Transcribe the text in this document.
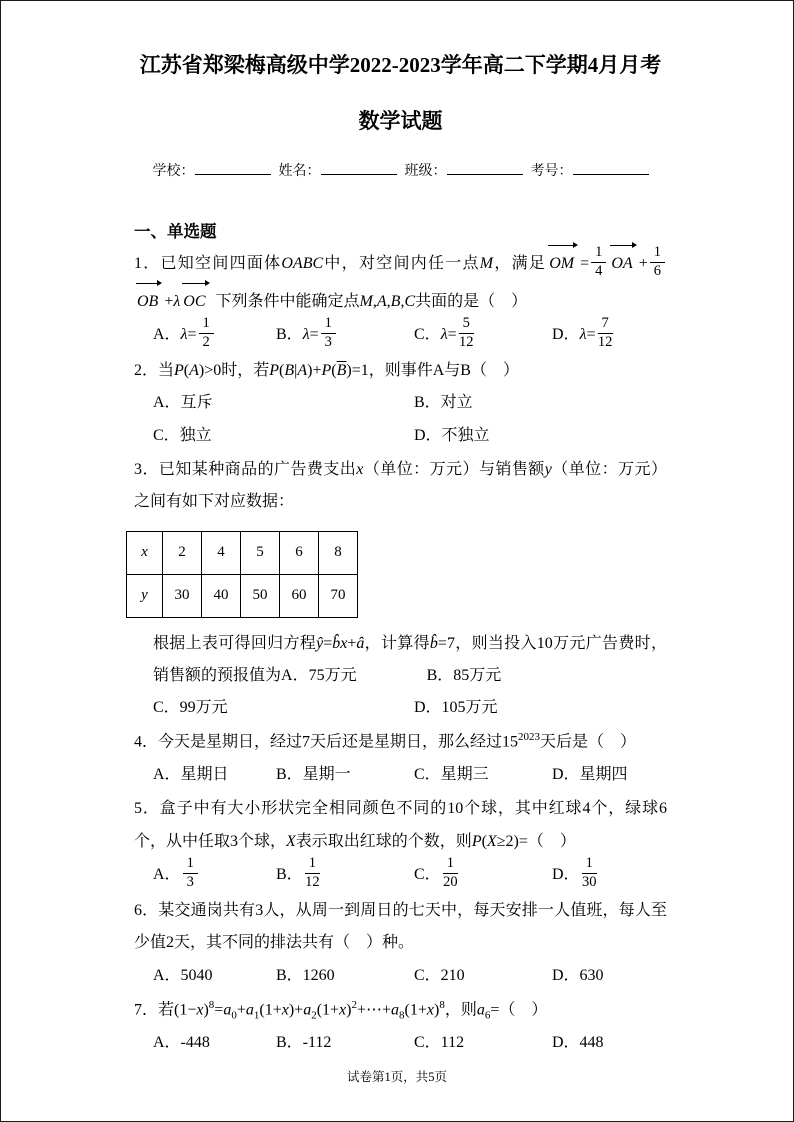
江苏省郑梁梅高级中学2022-2023学年高二下学期4月月考
数学试题
学校：	姓名：	班级：	考号：
一、单选题

1．已知空间四面体OABC中，对空间内任一点M，满足 OM = $\frac{1}{4}$ OA + $\frac{1}{6}$
OB +λ OC 下列条件中能确定点M,A,B,C共面的是（　）

A．$\lambda= \frac{1}{2}$	B．$\lambda= \frac{1}{3}$	C．$\lambda= \frac{5}{12}$	D．$\lambda= \frac{7}{12}$

2．当P(A)>0时，若$P(B|A)+P(\overline{B})=1$，则事件A与B（　）

A．互斥	B．对立
C．独立	D．不独立

3．已知某种商品的广告费支出x（单位：万元）与销售额y（单位：万元）之间有如下对应数据：

x	2	4	5	6	8
y	30	40	50	60	70

根据上表可得回归方程ŷ=b̂x+â，计算得b̂=7，则当投入10万元广告费时，销售额的预报值为A．75万元	B．85万元

C．99万元	D．105万元

4．今天是星期日，经过7天后还是星期日，那么经过$15^{2023}$天后是（　）

A．星期日	B．星期一	C．星期三	D．星期四

5．盒子中有大小形状完全相同颜色不同的10个球，其中红球4个，绿球6个，从中任取3个球，X表示取出红球的个数，则P(X≥2)=（　）

A． $\frac{1}{3}$	B． $\frac{1}{12}$	C． $\frac{1}{20}$	D． $\frac{1}{30}$

6．某交通岗共有3人，从周一到周日的七天中，每天安排一人值班，每人至少值2天，其不同的排法共有（　）种。

A．5040	B．1260	C．210	D．630

7．若$(1-x)^8=a_0+a_1(1+x)+a_2(1+x)^2+\cdots+a_8(1+x)^8$，则$a_6=$（　）

A．-448	B．-112	C．112	D．448
试卷第1页，共5页
